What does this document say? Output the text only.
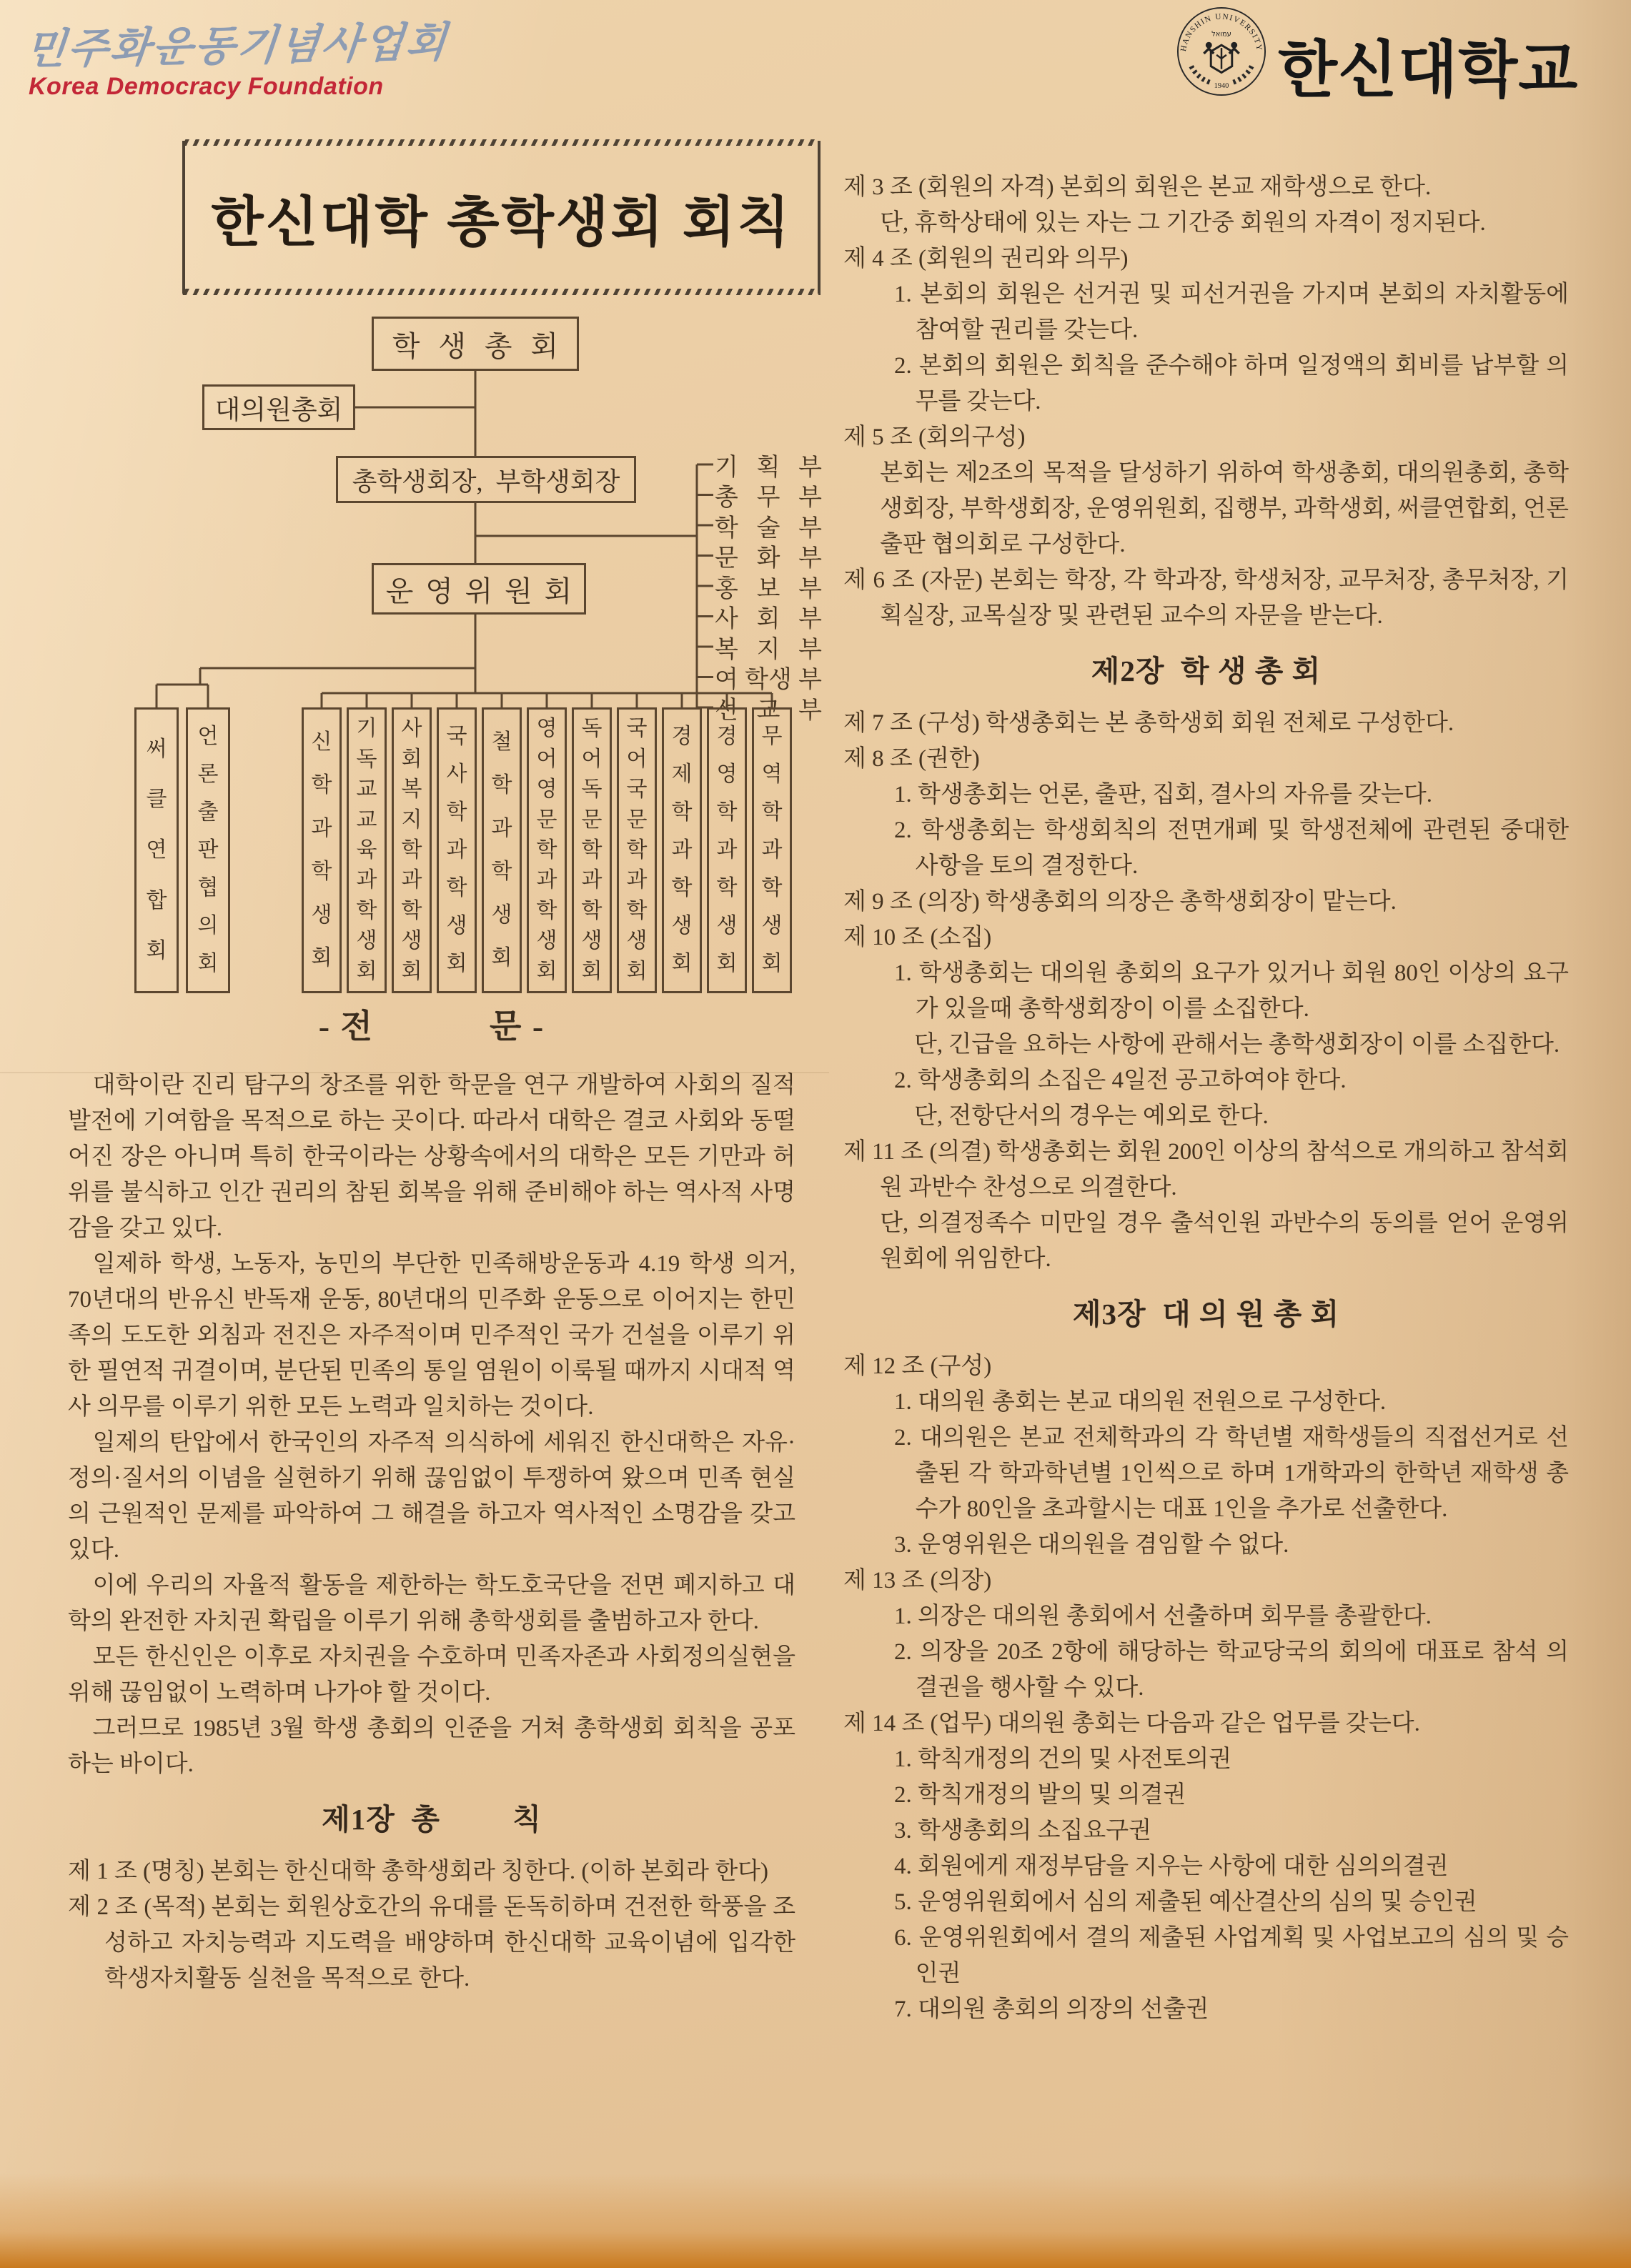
민주화운동기념사업회
Korea Democracy Foundation
HANSHIN UNIVERSITY
1940
עמואל
한신대학교
한신대학 총학생회 회칙
학 생 총 회
대의원총회
총학생회장,  부학생회장
운 영 위 원 회
기 획 부
총 무 부
학 술 부
문 화 부
홍 보 부
사 회 부
복 지 부
여 학생 부
선 교 부
써
클
연
합
회
언
론
출
판
협
의
회
신
학
과
학
생
회
기
독
교
교
육
과
학
생
회
사
회
복
지
학
과
학
생
회
국
사
학
과
학
생
회
철
학
과
학
생
회
영
어
영
문
학
과
학
생
회
독
어
독
문
학
과
학
생
회
국
어
국
문
학
과
학
생
회
경
제
학
과
학
생
회
경
영
학
과
학
생
회
무
역
학
과
학
생
회
- 전            문 -
대학이란 진리 탐구의 창조를 위한 학문을 연구 개발하여 사회의 질적 발전에 기여함을 목적으로 하는 곳이다. 따라서 대학은 결코 사회와 동떨어진 장은 아니며 특히 한국이라는 상황속에서의 대학은 모든 기만과 허위를 불식하고 인간 권리의 참된 회복을 위해 준비해야 하는 역사적 사명감을 갖고 있다.
일제하 학생, 노동자, 농민의 부단한 민족해방운동과 4.19 학생 의거, 70년대의 반유신 반독재 운동, 80년대의 민주화 운동으로 이어지는 한민족의 도도한 외침과 전진은 자주적이며 민주적인 국가 건설을 이루기 위한 필연적 귀결이며, 분단된 민족의 통일 염원이 이룩될 때까지 시대적 역사 의무를 이루기 위한 모든 노력과 일치하는 것이다.
일제의 탄압에서 한국인의 자주적 의식하에 세워진 한신대학은 자유·정의·질서의 이념을 실현하기 위해 끊임없이 투쟁하여 왔으며 민족 현실의 근원적인 문제를 파악하여 그 해결을 하고자 역사적인 소명감을 갖고 있다.
이에 우리의 자율적 활동을 제한하는 학도호국단을 전면 폐지하고 대학의 완전한 자치권 확립을 이루기 위해 총학생회를 출범하고자 한다.
모든 한신인은 이후로 자치권을 수호하며 민족자존과 사회정의실현을 위해 끊임없이 노력하며 나가야 할 것이다.
그러므로 1985년 3월 학생 총회의 인준을 거쳐 총학생회 회칙을 공포하는 바이다.
제1장  총         칙
제 1 조 (명칭) 본회는 한신대학 총학생회라 칭한다. (이하 본회라 한다)
제 2 조 (목적) 본회는 회원상호간의 유대를 돈독히하며 건전한 학풍을 조성하고 자치능력과 지도력을 배양하며 한신대학 교육이념에 입각한 학생자치활동 실천을 목적으로 한다.
제 3 조 (회원의 자격) 본회의 회원은 본교 재학생으로 한다.
단, 휴학상태에 있는 자는 그 기간중 회원의 자격이 정지된다.
제 4 조 (회원의 권리와 의무)
1. 본회의 회원은 선거권 및 피선거권을 가지며 본회의 자치활동에 참여할 권리를 갖는다.
2. 본회의 회원은 회칙을 준수해야 하며 일정액의 회비를 납부할 의무를 갖는다.
제 5 조 (회의구성)
본회는 제2조의 목적을 달성하기 위하여 학생총회, 대의원총회, 총학생회장, 부학생회장, 운영위원회, 집행부, 과학생회, 써클연합회, 언론출판 협의회로 구성한다.
제 6 조 (자문) 본회는 학장, 각 학과장, 학생처장, 교무처장, 총무처장, 기획실장, 교목실장 및 관련된 교수의 자문을 받는다.
제2장  학 생 총 회
제 7 조 (구성) 학생총회는 본 총학생회 회원 전체로 구성한다.
제 8 조 (권한)
1. 학생총회는 언론, 출판, 집회, 결사의 자유를 갖는다.
2. 학생총회는 학생회칙의 전면개폐 및 학생전체에 관련된 중대한 사항을 토의 결정한다.
제 9 조 (의장) 학생총회의 의장은 총학생회장이 맡는다.
제 10 조 (소집)
1. 학생총회는 대의원 총회의 요구가 있거나 회원 80인 이상의 요구가 있을때 총학생회장이 이를 소집한다.
단, 긴급을 요하는 사항에 관해서는 총학생회장이 이를 소집한다.
2. 학생총회의 소집은 4일전 공고하여야 한다.
단, 전항단서의 경우는 예외로 한다.
제 11 조 (의결) 학생총회는 회원 200인 이상의 참석으로 개의하고 참석회원 과반수 찬성으로 의결한다.
단, 의결정족수 미만일 경우 출석인원 과반수의 동의를 얻어 운영위원회에 위임한다.
제3장  대 의 원 총 회
제 12 조 (구성)
1. 대의원 총회는 본교 대의원 전원으로 구성한다.
2. 대의원은 본교 전체학과의 각 학년별 재학생들의 직접선거로 선출된 각 학과학년별 1인씩으로 하며 1개학과의 한학년 재학생 총수가 80인을 초과할시는 대표 1인을 추가로 선출한다.
3. 운영위원은 대의원을 겸임할 수 없다.
제 13 조 (의장)
1. 의장은 대의원 총회에서 선출하며 회무를 총괄한다.
2. 의장을 20조 2항에 해당하는 학교당국의 회의에 대표로 참석 의결권을 행사할 수 있다.
제 14 조 (업무) 대의원 총회는 다음과 같은 업무를 갖는다.
1. 학칙개정의 건의 및 사전토의권
2. 학칙개정의 발의 및 의결권
3. 학생총회의 소집요구권
4. 회원에게 재정부담을 지우는 사항에 대한 심의의결권
5. 운영위원회에서 심의 제출된 예산결산의 심의 및 승인권
6. 운영위원회에서 결의 제출된 사업계획 및 사업보고의 심의 및 승인권
7. 대의원 총회의 의장의 선출권
